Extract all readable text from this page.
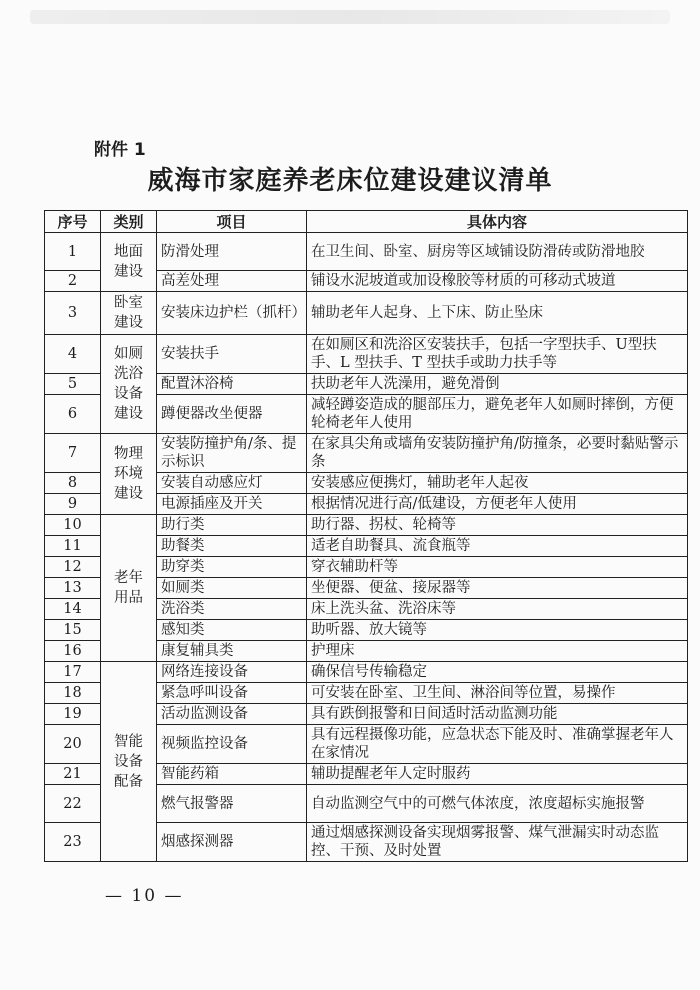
附件 1
威海市家庭养老床位建设建议清单
序号	类别	项目	具体内容
1	地面建设	防滑处理	在卫生间、卧室、厨房等区域铺设防滑砖或防滑地胶
2		高差处理	铺设水泥坡道或加设橡胶等材质的可移动式坡道
3	卧室建设	安装床边护栏（抓杆）	辅助老年人起身、上下床、防止坠床
4	如厕洗浴设备建设	安装扶手	在如厕区和洗浴区安装扶手，包括一字型扶手、U型扶手、L 型扶手、T 型扶手或助力扶手等
5		配置沐浴椅	扶助老年人洗澡用，避免滑倒
6		蹲便器改坐便器	减轻蹲姿造成的腿部压力，避免老年人如厕时摔倒，方便轮椅老年人使用
7	物理环境建设	安装防撞护角/条、提示标识	在家具尖角或墙角安装防撞护角/防撞条，必要时黏贴警示条
8		安装自动感应灯	安装感应便携灯，辅助老年人起夜
9		电源插座及开关	根据情况进行高/低建设，方便老年人使用
10	老年用品	助行类	助行器、拐杖、轮椅等
11		助餐类	适老自助餐具、流食瓶等
12		助穿类	穿衣辅助杆等
13		如厕类	坐便器、便盆、接尿器等
14		洗浴类	床上洗头盆、洗浴床等
15		感知类	助听器、放大镜等
16		康复辅具类	护理床
17	智能设备配备	网络连接设备	确保信号传输稳定
18		紧急呼叫设备	可安装在卧室、卫生间、淋浴间等位置，易操作
19		活动监测设备	具有跌倒报警和日间适时活动监测功能
20		视频监控设备	具有远程摄像功能，应急状态下能及时、准确掌握老年人在家情况
21		智能药箱	辅助提醒老年人定时服药
22		燃气报警器	自动监测空气中的可燃气体浓度，浓度超标实施报警
23		烟感探测器	通过烟感探测设备实现烟雾报警、煤气泄漏实时动态监控、干预、及时处置
— 10 —
